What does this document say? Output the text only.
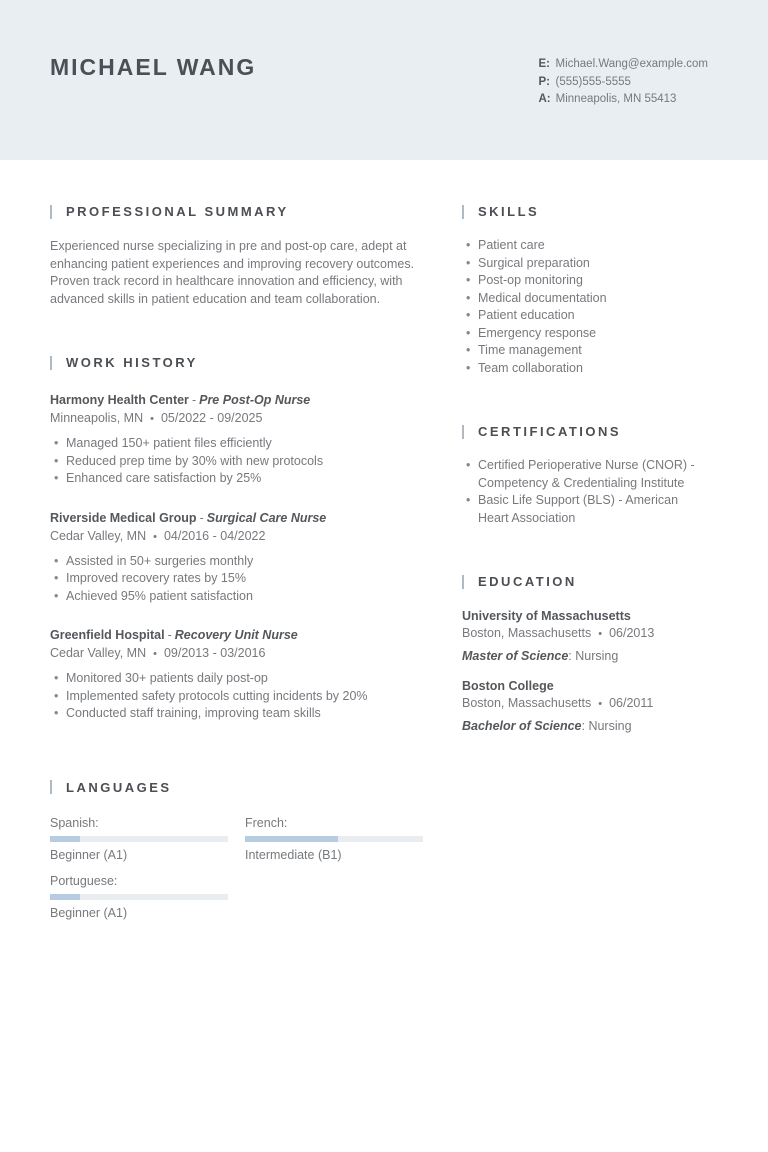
MICHAEL WANG	E: Michael.Wang@example.com
P: (555)555-5555
A: Minneapolis, MN 55413
PROFESSIONAL SUMMARY

Experienced nurse specializing in pre and post-op care, adept at enhancing patient experiences and improving recovery outcomes. Proven track record in healthcare innovation and efficiency, with advanced skills in patient education and team collaboration.

WORK HISTORY
Harmony Health Center - Pre Post-Op Nurse
Minneapolis, MN • 05/2022 - 09/2025
• Managed 150+ patient files efficiently
• Reduced prep time by 30% with new protocols
• Enhanced care satisfaction by 25%
Riverside Medical Group - Surgical Care Nurse
Cedar Valley, MN • 04/2016 - 04/2022
• Assisted in 50+ surgeries monthly
• Improved recovery rates by 15%
• Achieved 95% patient satisfaction
Greenfield Hospital - Recovery Unit Nurse
Cedar Valley, MN • 09/2013 - 03/2016
• Monitored 30+ patients daily post-op
• Implemented safety protocols cutting incidents by 20%
• Conducted staff training, improving team skills
LANGUAGES
Spanish:
Beginner (A1)
French:
Intermediate (B1)
Portuguese:
Beginner (A1)
SKILLS
• Patient care
• Surgical preparation
• Post-op monitoring
• Medical documentation
• Patient education
• Emergency response
• Time management
• Team collaboration
CERTIFICATIONS
• Certified Perioperative Nurse (CNOR) - Competency & Credentialing Institute
• Basic Life Support (BLS) - American Heart Association
EDUCATION
University of Massachusetts
Boston, Massachusetts • 06/2013
Master of Science: Nursing
Boston College
Boston, Massachusetts • 06/2011
Bachelor of Science: Nursing
